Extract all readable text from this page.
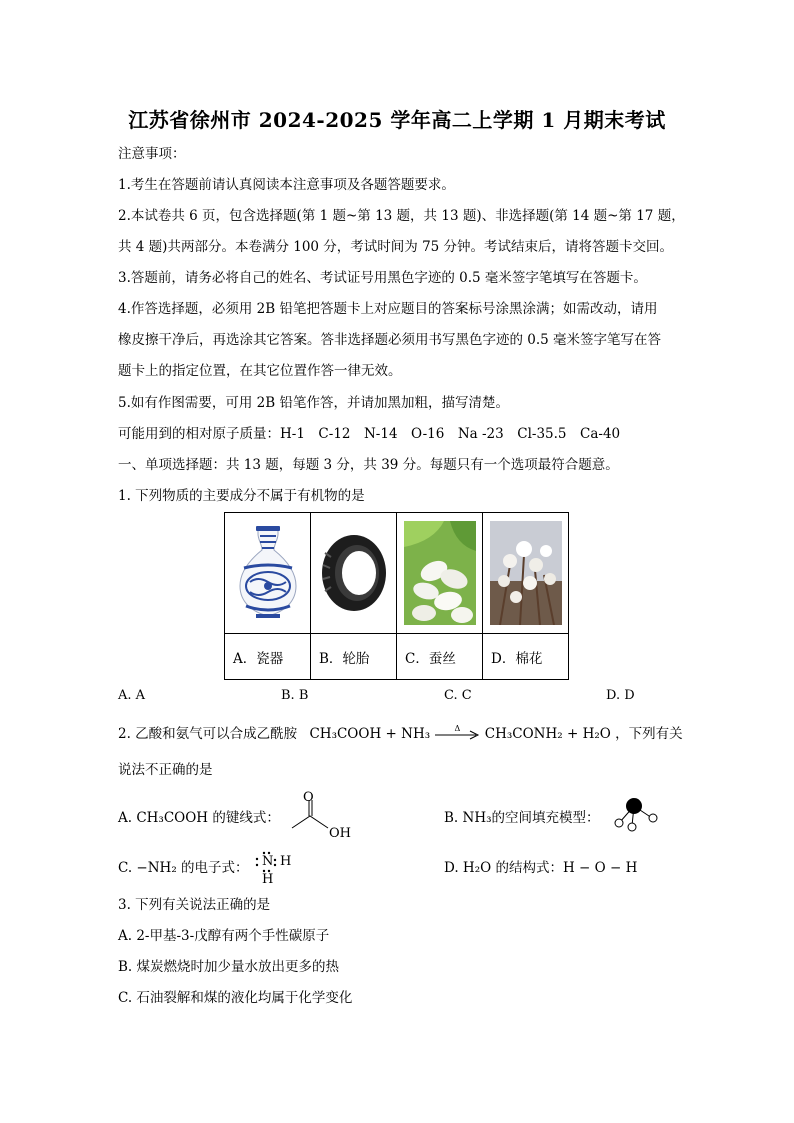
江苏省徐州市 2024-2025 学年高二上学期 1 月期末考试
注意事项：
1.考生在答题前请认真阅读本注意事项及各题答题要求。
2.本试卷共 6 页，包含选择题(第 1 题~第 13 题，共 13 题)、非选择题(第 14 题~第 17 题，
共 4 题)共两部分。本卷满分 100 分，考试时间为 75 分钟。考试结束后，请将答题卡交回。
3.答题前，请务必将自己的姓名、考试证号用黑色字迹的 0.5 毫米签字笔填写在答题卡。
4.作答选择题，必须用 2B 铅笔把答题卡上对应题目的答案标号涂黑涂满；如需改动，请用
橡皮擦干净后，再选涂其它答案。答非选择题必须用书写黑色字迹的 0.5 毫米签字笔写在答
题卡上的指定位置，在其它位置作答一律无效。
5.如有作图需要，可用 2B 铅笔作答，并请加黑加粗，描写清楚。
可能用到的相对原子质量：H-1　C-12　N-14　O-16　Na -23　Cl-35.5　Ca-40
一、单项选择题：共 13 题，每题 3 分，共 39 分。每题只有一个选项最符合题意。
1. 下列物质的主要成分不属于有机物的是

A．瓷器	B．轮胎	C．蚕丝	D．棉花
A. A	B. B	C. C	D. D
2. 乙酸和氨气可以合成乙酰胺 CH₃COOH + NH₃	Δ CH₃CONH₂ + H₂O ，下列有关
说法不正确的是
A. CH₃COOH 的键线式：
O
OH
B. NH₃的空间填充模型：
C. −NH₂ 的电子式： N H
H
D. H₂O 的结构式：H − O − H
3. 下列有关说法正确的是
A. 2-甲基-3-戊醇有两个手性碳原子
B. 煤炭燃烧时加少量水放出更多的热
C. 石油裂解和煤的液化均属于化学变化
